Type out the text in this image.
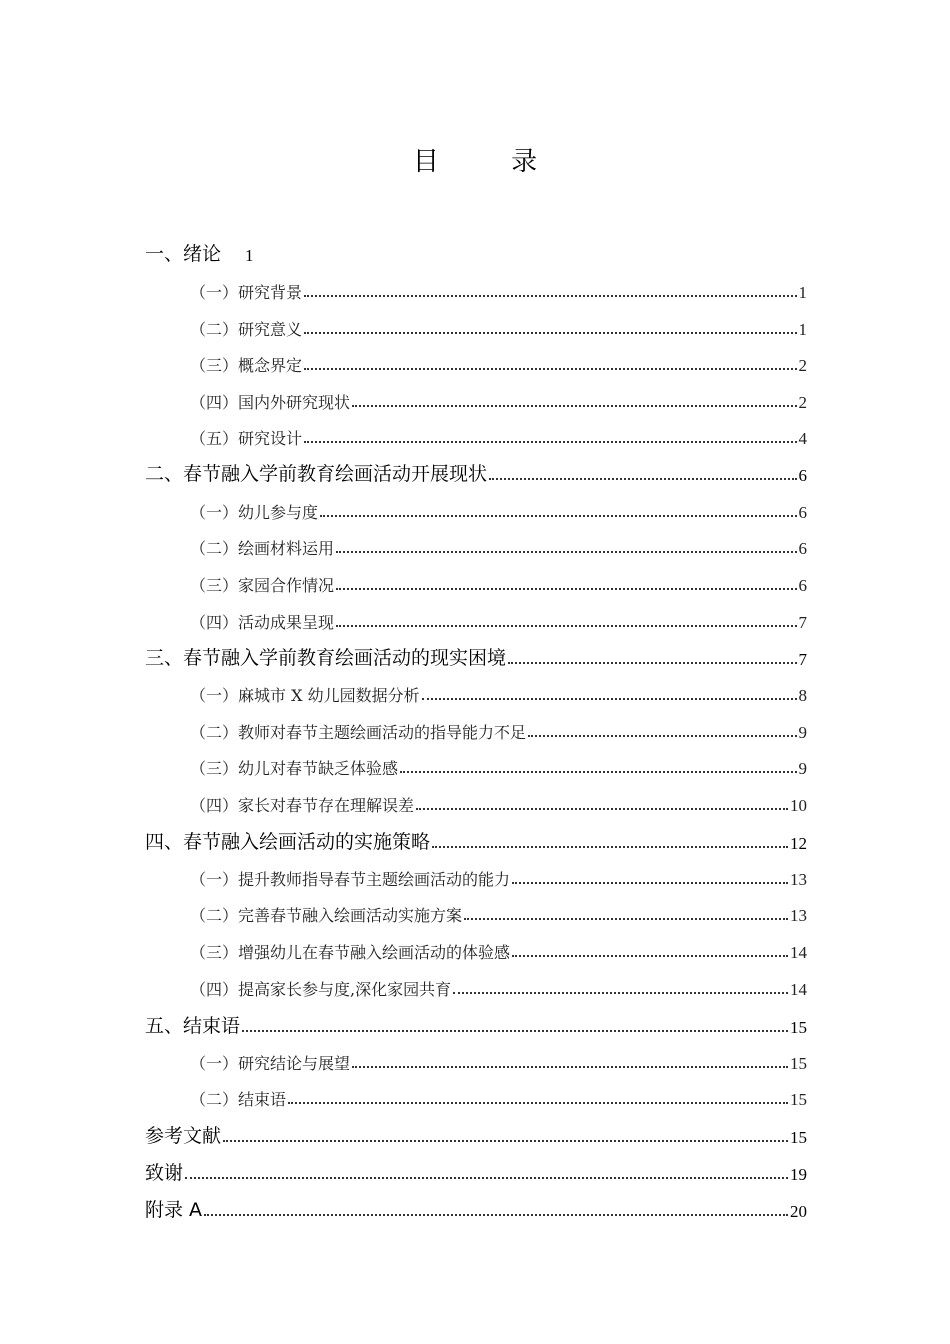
目 录
一、绪论 1
（一）研究背景	1
（二）研究意义	1
（三）概念界定	2
（四）国内外研究现状	2
（五）研究设计	4
二、春节融入学前教育绘画活动开展现状	6
（一）幼儿参与度	6
（二）绘画材料运用	6
（三）家园合作情况	6
（四）活动成果呈现	7
三、春节融入学前教育绘画活动的现实困境	7
（一）麻城市 X 幼儿园数据分析	8
（二）教师对春节主题绘画活动的指导能力不足	9
（三）幼儿对春节缺乏体验感	9
（四）家长对春节存在理解误差	10
四、春节融入绘画活动的实施策略	12
（一）提升教师指导春节主题绘画活动的能力	13
（二）完善春节融入绘画活动实施方案	13
（三）增强幼儿在春节融入绘画活动的体验感	14
（四）提高家长参与度,深化家园共育	14
五、结束语	15
（一）研究结论与展望	15
（二）结束语	15
参考文献	15
致谢	19
附录 A	20
